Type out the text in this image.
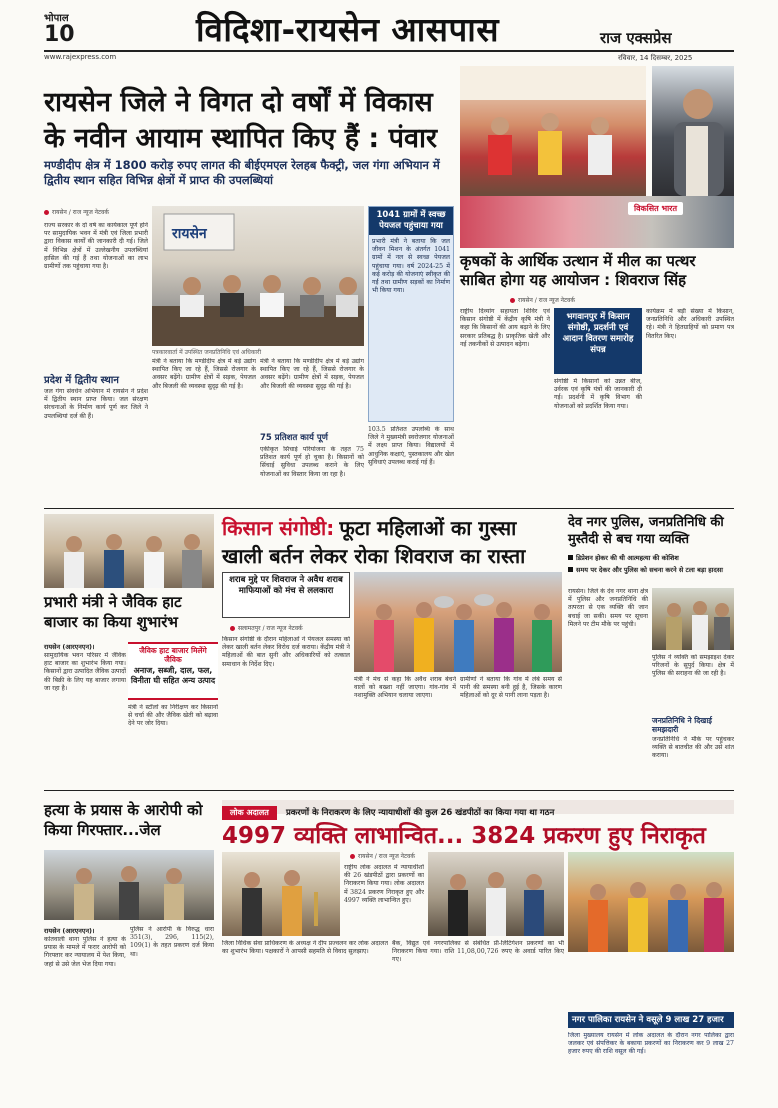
भोपाल
10	विदिशा-रायसेन आसपास	राज एक्सप्रेस
www.rajexpress.com	रविवार, 14 दिसम्बर, 2025
रायसेन जिले ने विगत दो वर्षों में विकास
के नवीन आयाम स्थापित किए हैं : पंवार
मण्डीदीप क्षेत्र में 1800 करोड़ रुपए लागत की बीईएमएल रेलहब फैक्ट्री, जल गंगा अभियान में द्वितीय स्थान सहित विभिन्न क्षेत्रों में प्राप्त की उपलब्धियां
रायसेन / राज न्यूज नेटवर्क
राज्य सरकार के दो वर्ष का कार्यकाल पूर्ण होने पर सामुदायिक भवन में मंत्री एवं जिला प्रभारी द्वारा विकास कार्यों की जानकारी दी गई। जिले में विभिन्न क्षेत्रों में उल्लेखनीय उपलब्धियां हासिल की गई हैं तथा योजनाओं का लाभ ग्रामीणों तक पहुंचाया गया है।
प्रदेश में द्वितीय स्थान
जल गंगा संवर्धन अभियान में रायसेन ने प्रदेश में द्वितीय स्थान प्राप्त किया। जल संरक्षण संरचनाओं के निर्माण कार्य पूर्ण कर जिले ने उपलब्धियां दर्ज की हैं।
रायसेन
पत्रकारवार्ता में उपस्थित जनप्रतिनिधि एवं अधिकारी
मंत्री ने बताया कि मण्डीदीप क्षेत्र में बड़े उद्योग स्थापित किए जा रहे हैं, जिससे रोजगार के अवसर बढ़ेंगे। ग्रामीण क्षेत्रों में सड़क, पेयजल और बिजली की व्यवस्था सुदृढ़ की गई है।
मंत्री ने बताया कि मण्डीदीप क्षेत्र में बड़े उद्योग स्थापित किए जा रहे हैं, जिससे रोजगार के अवसर बढ़ेंगे। ग्रामीण क्षेत्रों में सड़क, पेयजल और बिजली की व्यवस्था सुदृढ़ की गई है।
75 प्रतिशत कार्य पूर्ण
एकीकृत सिंचाई परियोजना के तहत 75 प्रतिशत कार्य पूर्ण हो चुका है। किसानों को सिंचाई सुविधा उपलब्ध कराने के लिए योजनाओं का विस्तार किया जा रहा है।
1041 ग्रामों में स्वच्छ पेयजल पहुंचाया गया
प्रभारी मंत्री ने बताया कि जल जीवन मिशन के अंतर्गत 1041 ग्रामों में नल से स्वच्छ पेयजल पहुंचाया गया। वर्ष 2024-25 में कई करोड़ की योजनाएं स्वीकृत की गईं तथा ग्रामीण सड़कों का निर्माण भी किया गया।
103.5 प्रतिशत उपलब्धि के साथ जिले ने मुख्यमंत्री स्वरोजगार योजनाओं में लक्ष्य प्राप्त किया। विद्यालयों में आधुनिक कक्षाएं, पुस्तकालय और खेल सुविधाएं उपलब्ध कराई गई हैं।
विकसित भारत
कृषकों के आर्थिक उत्थान में मील का पत्थर साबित होगा यह आयोजन : शिवराज सिंह
रायसेन / राज न्यूज नेटवर्क
राष्ट्रीय दिव्यांग सहायता शिविर एवं किसान संगोष्ठी में केंद्रीय कृषि मंत्री ने कहा कि किसानों की आय बढ़ाने के लिए सरकार प्रतिबद्ध है। प्राकृतिक खेती और नई तकनीकों से उत्पादन बढ़ेगा।
भगवानपुर में किसान संगोष्ठी, प्रदर्शनी एवं आदान वितरण समारोह संपन्न
संगोष्ठी में किसानों को उन्नत बीज, उर्वरक एवं कृषि यंत्रों की जानकारी दी गई। प्रदर्शनी में कृषि विभाग की योजनाओं को प्रदर्शित किया गया।
कार्यक्रम में बड़ी संख्या में किसान, जनप्रतिनिधि और अधिकारी उपस्थित रहे। मंत्री ने हितग्राहियों को प्रमाण पत्र वितरित किए।
प्रभारी मंत्री ने जैविक हाट बाजार का किया शुभारंभ
रायसेन (आरएनएन)।
सामुदायिक भवन परिसर में जैविक हाट बाजार का शुभारंभ किया गया। किसानों द्वारा उत्पादित जैविक उत्पादों की बिक्री के लिए यह बाजार लगाया जा रहा है।
जैविक हाट बाजार मिलेंगे जैविक
अनाज, सब्जी, दाल, फल, विनीता घी सहित अन्य उत्पाद
मंत्री ने स्टॉलों का निरीक्षण कर किसानों से चर्चा की और जैविक खेती को बढ़ावा देने पर जोर दिया।
किसान संगोष्ठी: फूटा महिलाओं का गुस्सा
खाली बर्तन लेकर रोका शिवराज का रास्ता
शराब मुद्दे पर शिवराज ने अवैध शराब माफियाओं को मंच से ललकारा
सलामतपुर / राज न्यूज नेटवर्क
किसान संगोष्ठी के दौरान महिलाओं ने पेयजल समस्या को लेकर खाली बर्तन लेकर विरोध दर्ज कराया। केंद्रीय मंत्री ने महिलाओं की बात सुनी और अधिकारियों को तत्काल समाधान के निर्देश दिए।
मंत्री ने मंच से कहा कि अवैध शराब बेचने वालों को बख्शा नहीं जाएगा। गांव-गांव में नशामुक्ति अभियान चलाया जाएगा।
ग्रामीणों ने बताया कि गांव में लंबे समय से पानी की समस्या बनी हुई है, जिसके कारण महिलाओं को दूर से पानी लाना पड़ता है।
देव नगर पुलिस, जनप्रतिनिधि की मुस्तैदी से बच गया व्यक्ति
डिप्रेशन होकर की थी आत्महत्या की कोशिश
समय पर देकर और पुलिस को सचना करने से टला बड़ा हादसा
रायसेन। जिले के देव नगर थाना क्षेत्र में पुलिस और जनप्रतिनिधि की तत्परता से एक व्यक्ति की जान बचाई जा सकी। समय पर सूचना मिलने पर टीम मौके पर पहुंची।
पुलिस ने व्यक्ति को समझाइश देकर परिजनों के सुपुर्द किया। क्षेत्र में पुलिस की सराहना की जा रही है।
जनप्रतिनिधि ने दिखाई समझदारी
जनप्रतिनिधि ने मौके पर पहुंचकर व्यक्ति से बातचीत की और उसे शांत कराया।
हत्या के प्रयास के आरोपी को किया गिरफ्तार...जेल
रायसेन (आरएनएन)।
कोतवाली थाना पुलिस ने हत्या के प्रयास के मामले में फरार आरोपी को गिरफ्तार कर न्यायालय में पेश किया, जहां से उसे जेल भेज दिया गया।
पुलिस ने आरोपी के विरुद्ध धारा 351(3), 296, 115(2), 109(1) के तहत प्रकरण दर्ज किया था।
लोक अदालत प्रकरणों के निराकरण के लिए न्यायाधीशों की कुल 26 खंडपीठों का किया गया था गठन
4997 व्यक्ति लाभान्वित... 3824 प्रकरण हुए निराकृत
रायसेन / राज न्यूज नेटवर्क
राष्ट्रीय लोक अदालत में न्यायाधीशों की 26 खंडपीठों द्वारा प्रकरणों का निराकरण किया गया। लोक अदालत में 3824 प्रकरण निराकृत हुए और 4997 व्यक्ति लाभान्वित हुए।
जिला विधिक सेवा प्राधिकरण के अध्यक्ष ने दीप प्रज्वलन कर लोक अदालत का शुभारंभ किया। पक्षकारों ने आपसी सहमति से विवाद सुलझाए।
बैंक, विद्युत एवं नगरपालिका से संबंधित प्री-लिटिगेशन प्रकरणों का भी निराकरण किया गया। राशि 11,08,00,726 रुपए के अवार्ड पारित किए गए।
नगर पालिका रायसेन ने वसूले 9 लाख 27 हजार
जिला मुख्यालय रायसेन में लोक अदालत के दौरान नगर पालिका द्वारा जलकर एवं संपत्तिकर के बकाया प्रकरणों का निराकरण कर 9 लाख 27 हजार रुपए की राशि वसूल की गई।
